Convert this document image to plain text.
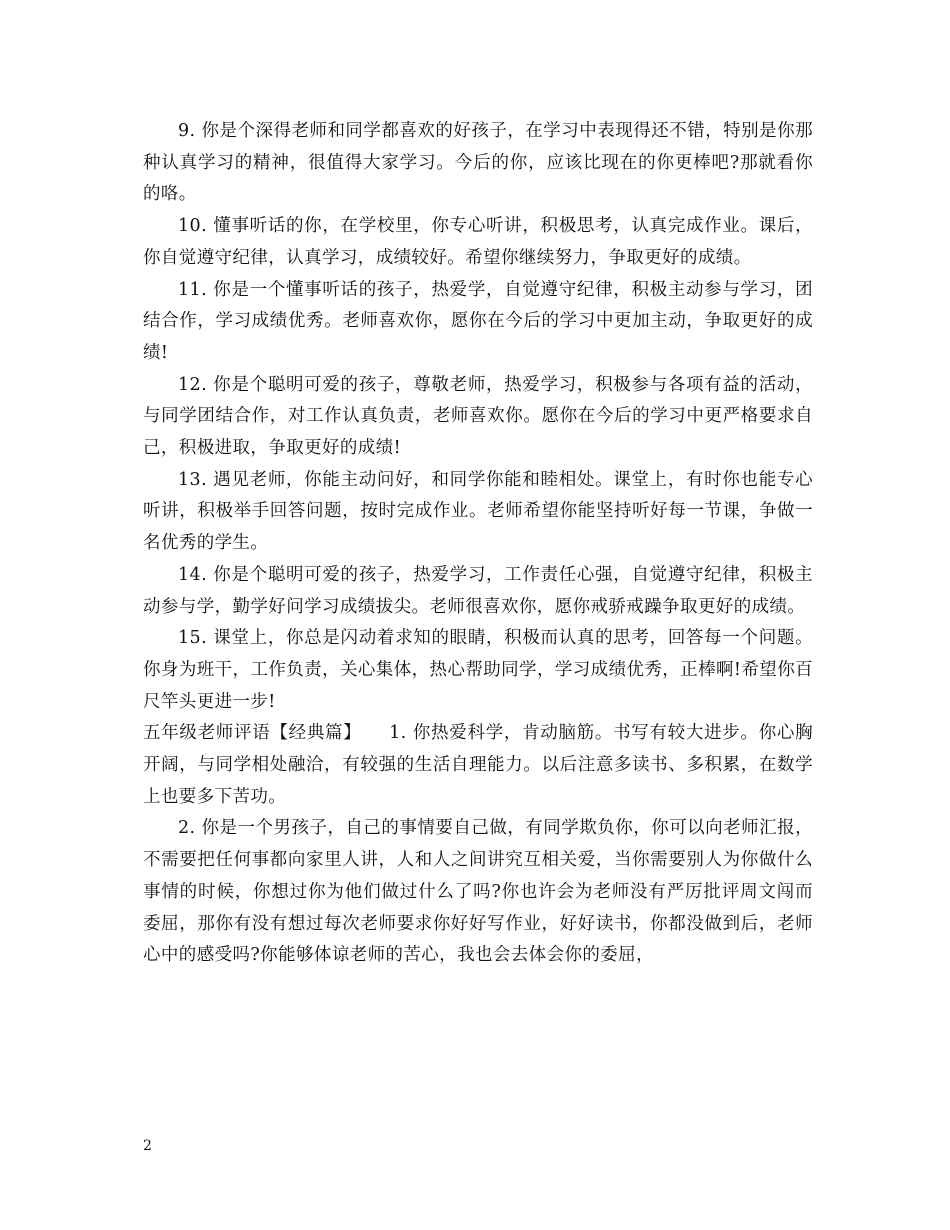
9. 你是个深得老师和同学都喜欢的好孩子，在学习中表现得还不错，特别是你那种认真学习的精神，很值得大家学习。今后的你，应该比现在的你更棒吧?那就看你的咯。

10. 懂事听话的你，在学校里，你专心听讲，积极思考，认真完成作业。课后，你自觉遵守纪律，认真学习，成绩较好。希望你继续努力，争取更好的成绩。

11. 你是一个懂事听话的孩子，热爱学，自觉遵守纪律，积极主动参与学习，团结合作，学习成绩优秀。老师喜欢你，愿你在今后的学习中更加主动，争取更好的成绩!

12. 你是个聪明可爱的孩子，尊敬老师，热爱学习，积极参与各项有益的活动，与同学团结合作，对工作认真负责，老师喜欢你。愿你在今后的学习中更严格要求自己，积极进取，争取更好的成绩!

13. 遇见老师，你能主动问好，和同学你能和睦相处。课堂上，有时你也能专心听讲，积极举手回答问题，按时完成作业。老师希望你能坚持听好每一节课，争做一名优秀的学生。

14. 你是个聪明可爱的孩子，热爱学习，工作责任心强，自觉遵守纪律，积极主动参与学，勤学好问学习成绩拔尖。老师很喜欢你，愿你戒骄戒躁争取更好的成绩。

15. 课堂上，你总是闪动着求知的眼睛，积极而认真的思考，回答每一个问题。你身为班干，工作负责，关心集体，热心帮助同学，学习成绩优秀，正棒啊!希望你百尺竿头更进一步!

五年级老师评语【经典篇】　　1. 你热爱科学，肯动脑筋。书写有较大进步。你心胸开阔，与同学相处融洽，有较强的生活自理能力。以后注意多读书、多积累，在数学上也要多下苦功。

2. 你是一个男孩子，自己的事情要自己做，有同学欺负你，你可以向老师汇报，不需要把任何事都向家里人讲，人和人之间讲究互相关爱，当你需要别人为你做什么事情的时候，你想过你为他们做过什么了吗?你也许会为老师没有严厉批评周文闯而委屈，那你有没有想过每次老师要求你好好写作业，好好读书，你都没做到后，老师心中的感受吗?你能够体谅老师的苦心，我也会去体会你的委屈，

2
